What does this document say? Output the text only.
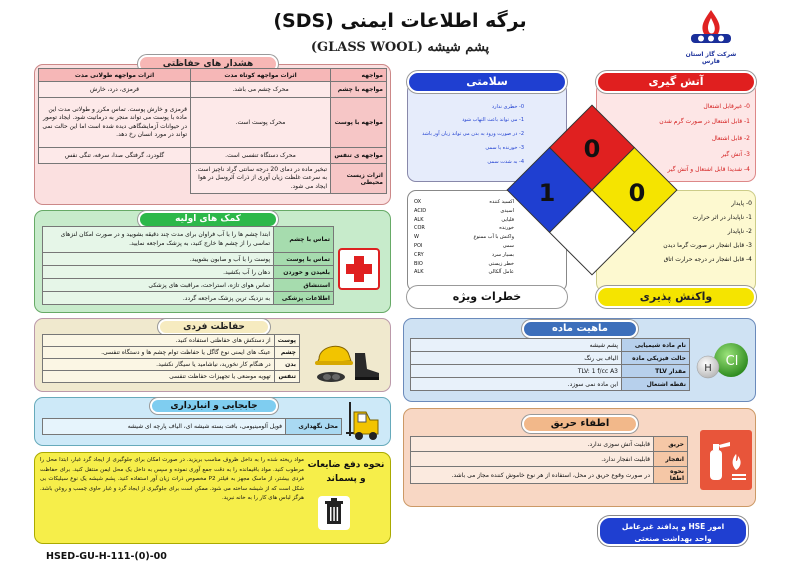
برگه اطلاعات ایمنی (SDS)
پشم شیشه (GLASS WOOL)	شرکت گاز استان فارس
هشدار های حفاظتی
مواجهه	اثرات مواجهه کوتاه مدت	اثرات مواجهه طولانی مدت
مواجهه با چشم	محرک چشم می باشد.	قرمزی، درد، خارش
مواجهه با پوست	محرک پوست است.	قرمزی و خارش پوست. تماس مکرر و طولانی مدت این ماده با پوست می تواند منجر به درماتیت شود. ایجاد تومور در حیوانات آزمایشگاهی دیده شده است اما این حالت نمی تواند در مورد انسان رخ دهد.
مواجهه ی تنفس	محرک دستگاه تنفسی است.	گلودرد، گرفتگی صدا، سرفه، تنگی نفس
اثرات زیست محیطی	تبخیر ماده در دمای 20 درجه سانتی گراد ناچیز است. به سرعت غلظت زیان آوری از ذرات آئروسل در هوا ایجاد می شود.	
آتش گیری
0- غیرقابل اشتعال
1- قابل اشتعال در صورت گرم شدن
2- قابل اشتعال
3- آتش گیر
4- شدیدا قابل اشتعال و آتش گیر
سلامتی
0- خطری ندارد
1- می تواند باعث التهاب شود
2- در صورت ورود به بدن می تواند زیان آور باشد
3- خورنده یا سمی
4- به شدت سمی
خطرات ویژه
OX	اکسید کننده
ACID	اسیدی
ALK	قلیایی
COR	خورنده
W	واکنش با آب ممنوع
POI	سمی
CRY	بسیار سرد
BIO	خطر زیستی
ALK	عامل آلکالی
واکنش پذیری
0- پایدار
1- ناپایدار در اثر حرارت
2- ناپایدار
3- قابل انفجار در صورت گرما دیدن
4- قابل انفجار در درجه حرارت اتاق
0
1	0
کمک های اولیه
تماس با چشم	ابتدا چشم ها را با آب فراوان برای مدت چند دقیقه بشویید و در صورت امکان لنزهای تماسی را از چشم ها خارج کنید، به پزشک مراجعه نمایید.
تماس با پوست	پوست را با آب و صابون بشویید.
بلعیدن و خوردن	دهان را آب بکشید.
استنشاق	تماس هوای تازه، استراحت، مراقبت های پزشکی
اطلاعات پزشکی	به نزدیک ترین پزشک مراجعه گردد.
حفاظت فردی
پوست	از دستکش های حفاظتی استفاده کنید.
چشم	عینک های ایمنی نوع گاگل یا حفاظت توام چشم ها و دستگاه تنفسی.
بدن	در هنگام کار نخورید، نیاشامید یا سیگار نکشید.
تنفس	تهویه موضعی یا تجهیزات حفاظت تنفسی
جابجایی و انبارداری
محل نگهداری	فویل آلومینیومی، بافت بسته شیشه ای، الیاف پارچه ای شیشه
مواد ریخته شده را به داخل ظروف مناسب بریزید. در صورت امکان برای جلوگیری از ایجاد گرد غبار، ابتدا محل را مرطوب کنید. مواد باقیمانده را به دقت جمع آوری نموده و سپس به داخل یک محل ایمن منتقل کنید. برای حفاظت فردی بیشتر، از ماسک مجهز به فیلتر P2 مخصوص ذرات زیان آور استفاده کنید. پشم شیشه یک نوع سیلیکات بی شکل است که از شیشه ساخته می شود. ممکن است برای جلوگیری از ایجاد گرد و غبار حاوی چسب و روغن باشد. هرگز لباس های کار را به خانه نبرید.
نحوه دفع ضایعات و پسماند
ماهیت ماده
نام ماده شیمیایی	پشم شیشه
حالت فیزیکی ماده	الیاف بی رنگ
مقدار TLV	TLV: 1 f/cc A3
نقطه اشتعال	این ماده نمی سوزد.
Cl
H
اطفاء حریق
حریق	قابلیت آتش سوزی ندارد.
انفجار	قابلیت انفجار ندارد.
نحوه اطفا	در صورت وقوع حریق در محل، استفاده از هر نوع خاموش کننده مجاز می باشد.
امور HSE و پدافند غیرعامل
واحد بهداشت صنعتی
HSED-GU-H-111-(0)-00
